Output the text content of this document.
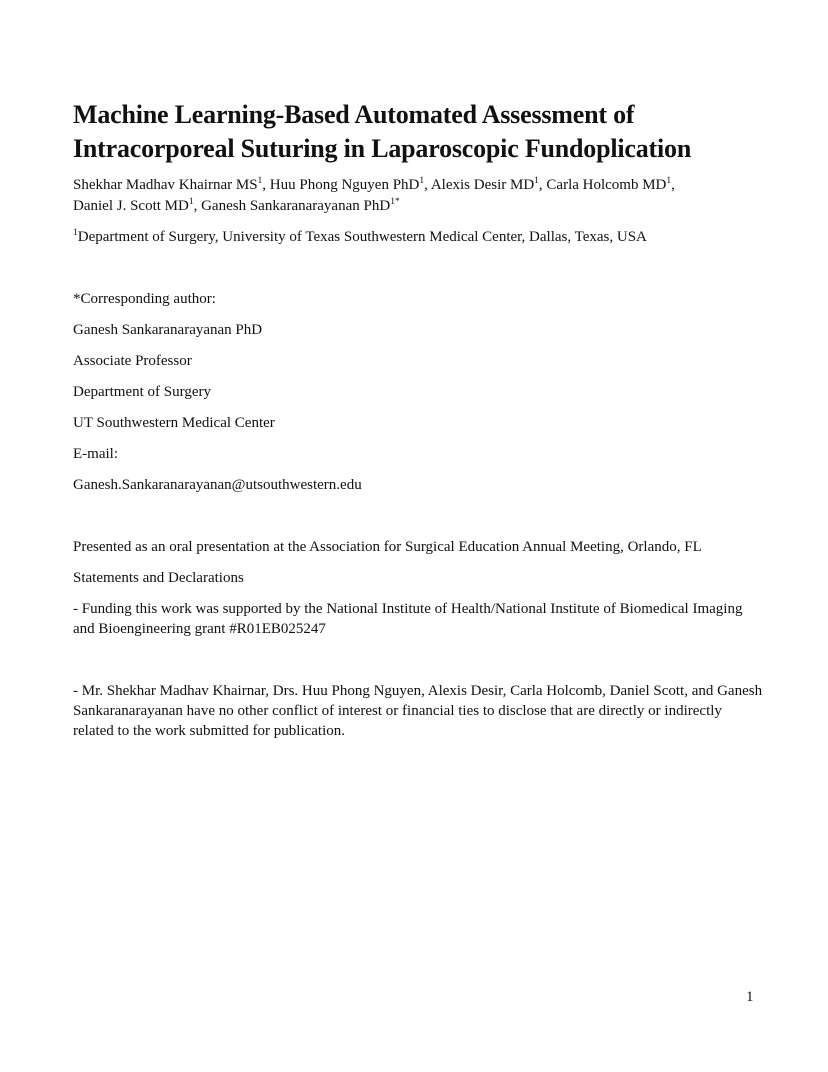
Machine Learning-Based Automated Assessment of
Intracorporeal Suturing in Laparoscopic Fundoplication
Shekhar Madhav Khairnar $MS^1$, Huu Phong Nguyen PhD$^1$, Alexis Desir $MD^1$, Carla Holcomb $MD^1$,
Daniel J. Scott $MD^1$, Ganesh Sankaranarayanan PhD$^{1*}$
$^1$Department of Surgery, University of Texas Southwestern Medical Center, Dallas, Texas, USA
*Corresponding author:
Ganesh Sankaranarayanan PhD
Associate Professor
Department of Surgery
UT Southwestern Medical Center
E-mail:
Ganesh.Sankaranarayanan@utsouthwestern.edu
Presented as an oral presentation at the Association for Surgical Education Annual Meeting, Orlando, FL
Statements and Declarations
- Funding this work was supported by the National Institute of Health/National Institute of Biomedical Imaging and Bioengineering grant #R01EB025247
- Mr. Shekhar Madhav Khairnar, Drs. Huu Phong Nguyen, Alexis Desir, Carla Holcomb, Daniel Scott, and Ganesh Sankaranarayanan have no other conflict of interest or financial ties to disclose that are directly or indirectly related to the work submitted for publication.
1
